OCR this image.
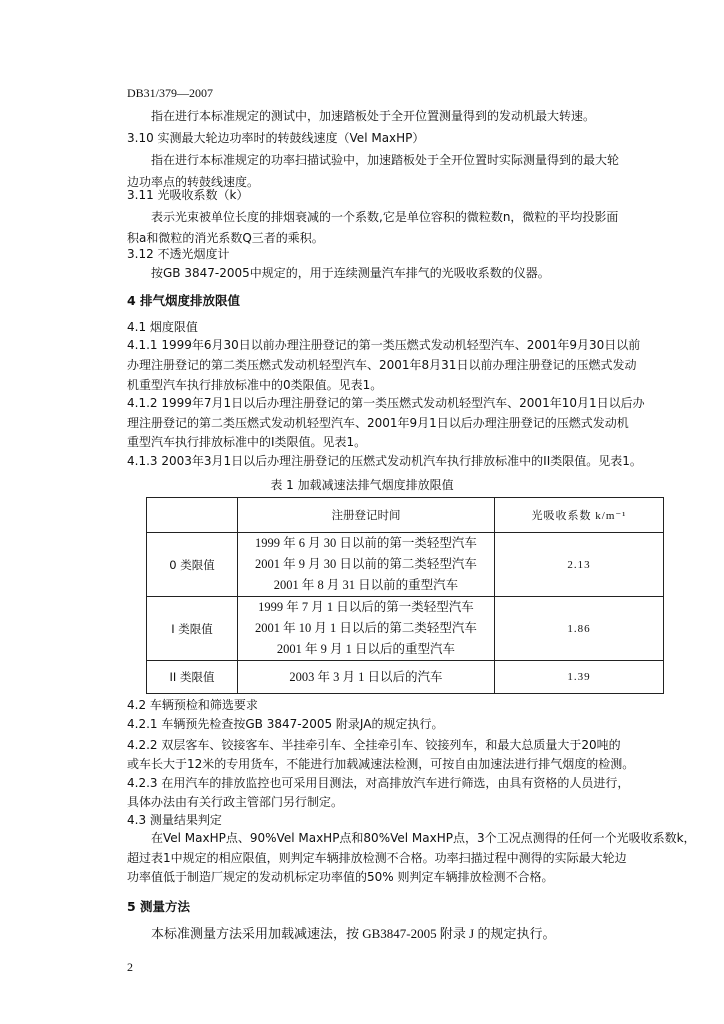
DB31/379—2007
指在进行本标准规定的测试中，加速踏板处于全开位置测量得到的发动机最大转速。
3.10 实测最大轮边功率时的转鼓线速度（Vel MaxHP）
指在进行本标准规定的功率扫描试验中，加速踏板处于全开位置时实际测量得到的最大轮
边功率点的转鼓线速度。
3.11 光吸收系数（k）
表示光束被单位长度的排烟衰减的一个系数,它是单位容积的微粒数n，微粒的平均投影面
积a和微粒的消光系数Q三者的乘积。
3.12 不透光烟度计
按GB 3847-2005中规定的，用于连续测量汽车排气的光吸收系数的仪器。
4 排气烟度排放限值
4.1 烟度限值
4.1.1 1999年6月30日以前办理注册登记的第一类压燃式发动机轻型汽车、2001年9月30日以前
办理注册登记的第二类压燃式发动机轻型汽车、2001年8月31日以前办理注册登记的压燃式发动
机重型汽车执行排放标准中的0类限值。见表1。
4.1.2 1999年7月1日以后办理注册登记的第一类压燃式发动机轻型汽车、2001年10月1日以后办
理注册登记的第二类压燃式发动机轻型汽车、2001年9月1日以后办理注册登记的压燃式发动机
重型汽车执行排放标准中的I类限值。见表1。
4.1.3 2003年3月1日以后办理注册登记的压燃式发动机汽车执行排放标准中的II类限值。见表1。
表 1 加载减速法排气烟度排放限值
	注册登记时间	光吸收系数 k/m⁻¹
0 类限值	1999 年 6 月 30 日以前的第一类轻型汽车
2001 年 9 月 30 日以前的第二类轻型汽车
2001 年 8 月 31 日以前的重型汽车	2.13
I 类限值	1999 年 7 月 1 日以后的第一类轻型汽车
2001 年 10 月 1 日以后的第二类轻型汽车
2001 年 9 月 1 日以后的重型汽车	1.86
II 类限值	2003 年 3 月 1 日以后的汽车	1.39
4.2 车辆预检和筛选要求
4.2.1 车辆预先检查按GB 3847-2005 附录JA的规定执行。
4.2.2 双层客车、铰接客车、半挂牵引车、全挂牵引车、铰接列车，和最大总质量大于20吨的
或车长大于12米的专用货车，不能进行加载减速法检测，可按自由加速法进行排气烟度的检测。
4.2.3 在用汽车的排放监控也可采用目测法，对高排放汽车进行筛选，由具有资格的人员进行，
具体办法由有关行政主管部门另行制定。
4.3 测量结果判定
在Vel MaxHP点、90%Vel MaxHP点和80%Vel MaxHP点，3个工况点测得的任何一个光吸收系数k，
超过表1中规定的相应限值，则判定车辆排放检测不合格。功率扫描过程中测得的实际最大轮边
功率值低于制造厂规定的发动机标定功率值的50% 则判定车辆排放检测不合格。
5 测量方法
本标准测量方法采用加载减速法，按 GB3847-2005 附录 J 的规定执行。
2
